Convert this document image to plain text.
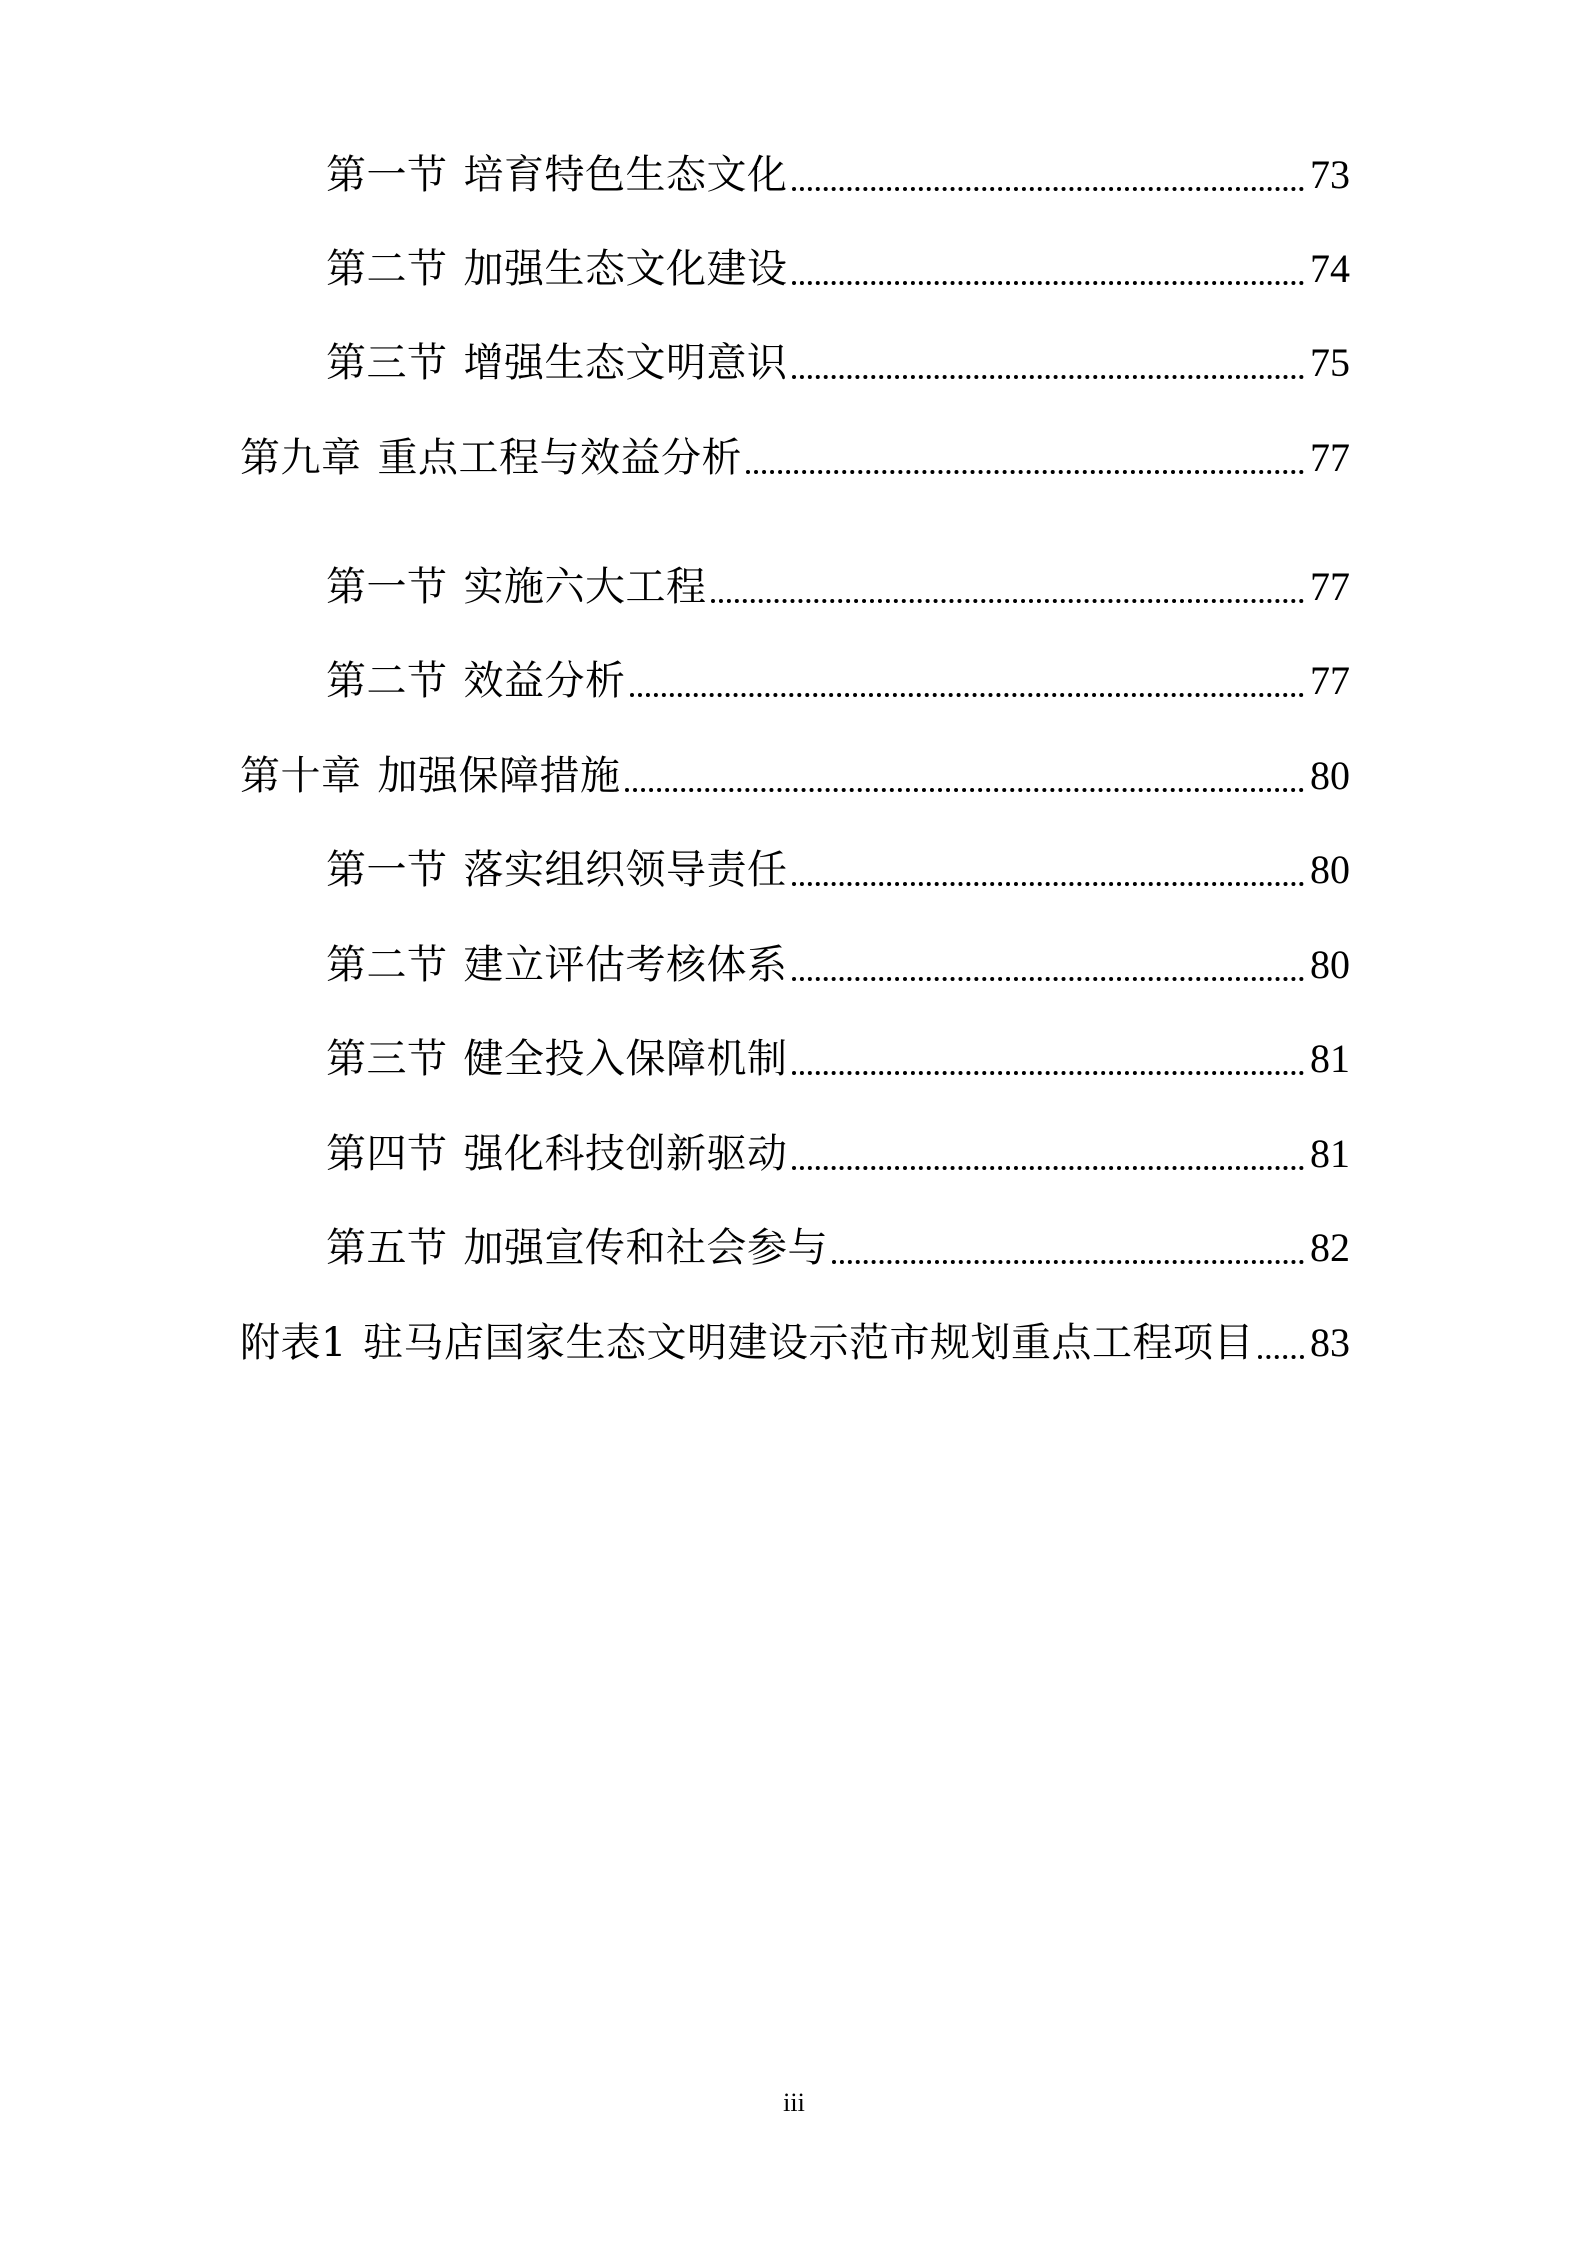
第一节 培育特色生态文化	73
第二节 加强生态文化建设	74
第三节 增强生态文明意识	75
第九章 重点工程与效益分析	77
第一节 实施六大工程	77
第二节 效益分析	77
第十章 加强保障措施	80
第一节 落实组织领导责任	80
第二节 建立评估考核体系	80
第三节 健全投入保障机制	81
第四节 强化科技创新驱动	81
第五节 加强宣传和社会参与	82
附表1 驻马店国家生态文明建设示范市规划重点工程项目 83
iii
